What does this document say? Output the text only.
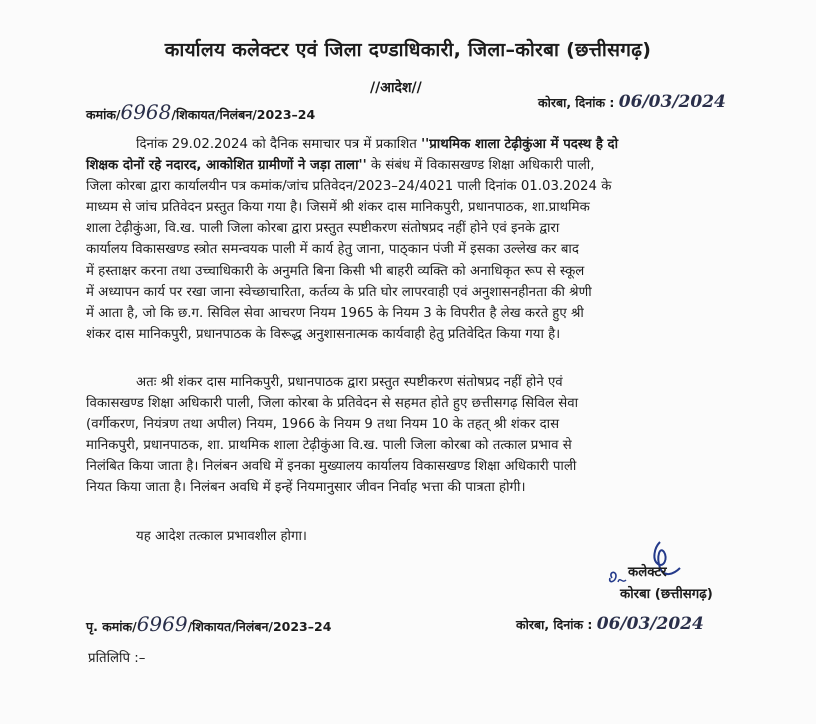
कार्यालय कलेक्टर एवं जिला दण्डाधिकारी, जिला–कोरबा (छत्तीसगढ़)
//आदेश//
कमांक/6968/शिकायत/निलंबन/2023–24
कोरबा, दिनांक : 06/03/2024
दिनांक 29.02.2024 को दैनिक समाचार पत्र में प्रकाशित ''प्राथमिक शाला टेढ़ीकुंआ में पदस्थ है दो
शिक्षक दोनों रहे नदारद, आकोशित ग्रामीणों ने जड़ा ताला'' के संबंध में विकासखण्ड शिक्षा अधिकारी पाली,
जिला कोरबा द्वारा कार्यालयीन पत्र कमांक/जांच प्रतिवेदन/2023–24/4021 पाली दिनांक 01.03.2024 के
माध्यम से जांच प्रतिवेदन प्रस्तुत किया गया है। जिसमें श्री शंकर दास मानिकपुरी, प्रधानपाठक, शा.प्राथमिक
शाला टेढ़ीकुंआ, वि.ख. पाली जिला कोरबा द्वारा प्रस्तुत स्पष्टीकरण संतोषप्रद नहीं होने एवं इनके द्वारा
कार्यालय विकासखण्ड स्त्रोत समन्वयक पाली में कार्य हेतु जाना, पाठ्कान पंजी में इसका उल्लेख कर बाद
में हस्ताक्षर करना तथा उच्चाधिकारी के अनुमति बिना किसी भी बाहरी व्यक्ति को अनाधिकृत रूप से स्कूल
में अध्यापन कार्य पर रखा जाना स्वेच्छाचारिता, कर्तव्य के प्रति घोर लापरवाही एवं अनुशासनहीनता की श्रेणी
में आता है, जो कि छ.ग. सिविल सेवा आचरण नियम 1965 के नियम 3 के विपरीत है लेख करते हुए श्री
शंकर दास मानिकपुरी, प्रधानपाठक के विरूद्ध अनुशासनात्मक कार्यवाही हेतु प्रतिवेदित किया गया है।
अतः श्री शंकर दास मानिकपुरी, प्रधानपाठक द्वारा प्रस्तुत स्पष्टीकरण संतोषप्रद नहीं होने एवं
विकासखण्ड शिक्षा अधिकारी पाली, जिला कोरबा के प्रतिवेदन से सहमत होते हुए छत्तीसगढ़ सिविल सेवा
(वर्गीकरण, नियंत्रण तथा अपील) नियम, 1966 के नियम 9 तथा नियम 10 के तहत् श्री शंकर दास
मानिकपुरी, प्रधानपाठक, शा. प्राथमिक शाला टेढ़ीकुंआ वि.ख. पाली जिला कोरबा को तत्काल प्रभाव से
निलंबित किया जाता है। निलंबन अवधि में इनका मुख्यालय कार्यालय विकासखण्ड शिक्षा अधिकारी पाली
नियत किया जाता है। निलंबन अवधि में इन्हें नियमानुसार जीवन निर्वाह भत्ता की पात्रता होगी।
यह आदेश तत्काल प्रभावशील होगा।
कलेक्टर
कोरबा (छत्तीसगढ़)
पृ. कमांक/6969/शिकायत/निलंबन/2023–24	कोरबा, दिनांक : 06/03/2024
प्रतिलिपि :–
